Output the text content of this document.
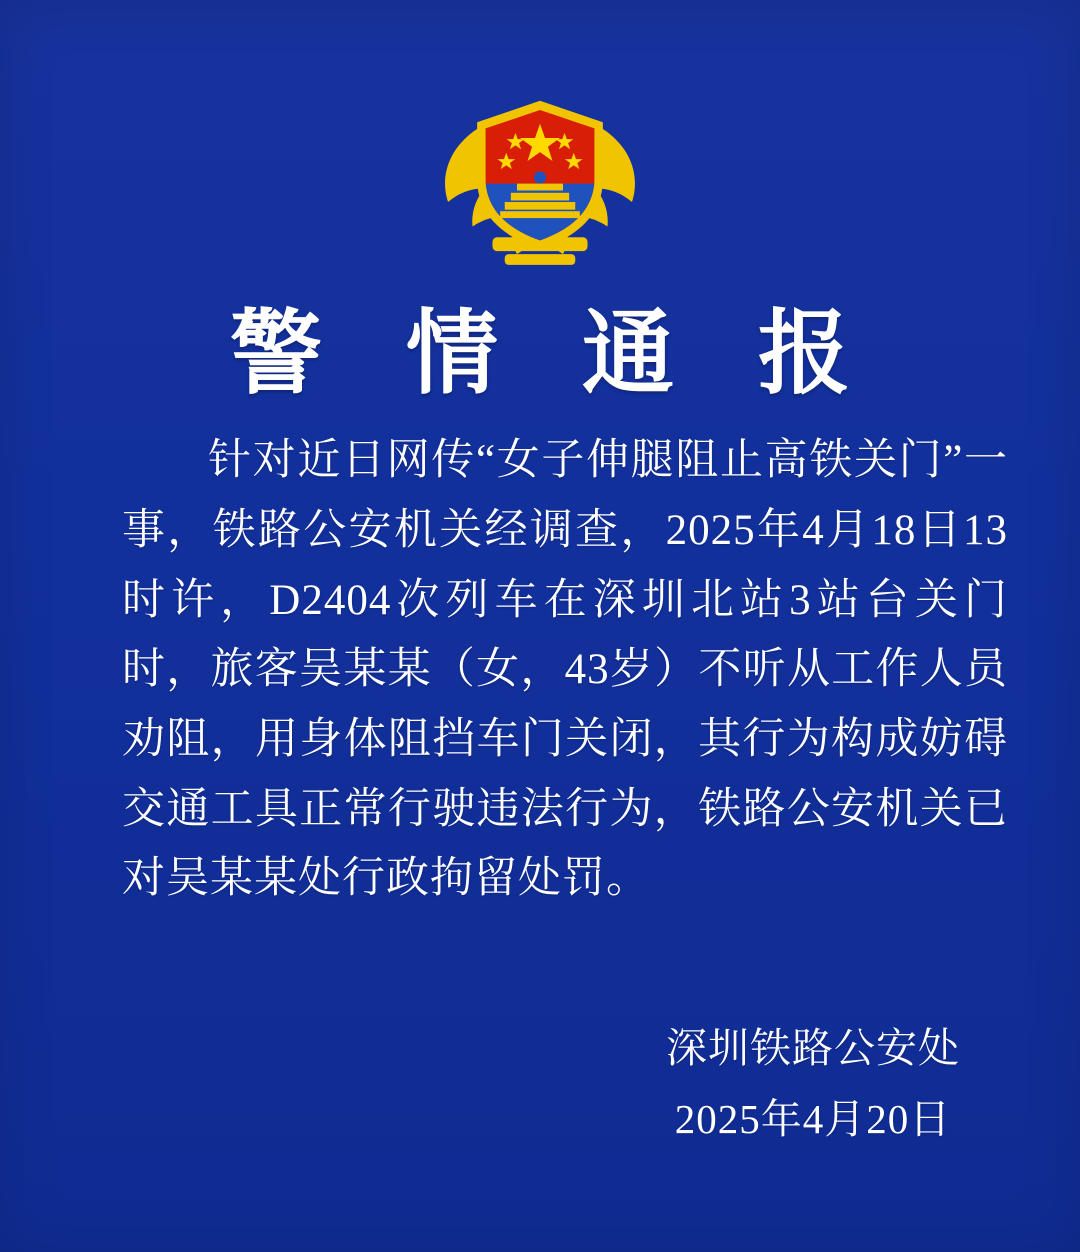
警 情 通 报

针对近日网传“女子伸腿阻止高铁关门”一事，铁路公安机关经调查，2025年4月18日13时许，D2404次列车在深圳北站3站台关门时，旅客吴某某（女，43岁）不听从工作人员劝阻，用身体阻挡车门关闭，其行为构成妨碍交通工具正常行驶违法行为，铁路公安机关已对吴某某处行政拘留处罚。

深圳铁路公安处
2025年4月20日
